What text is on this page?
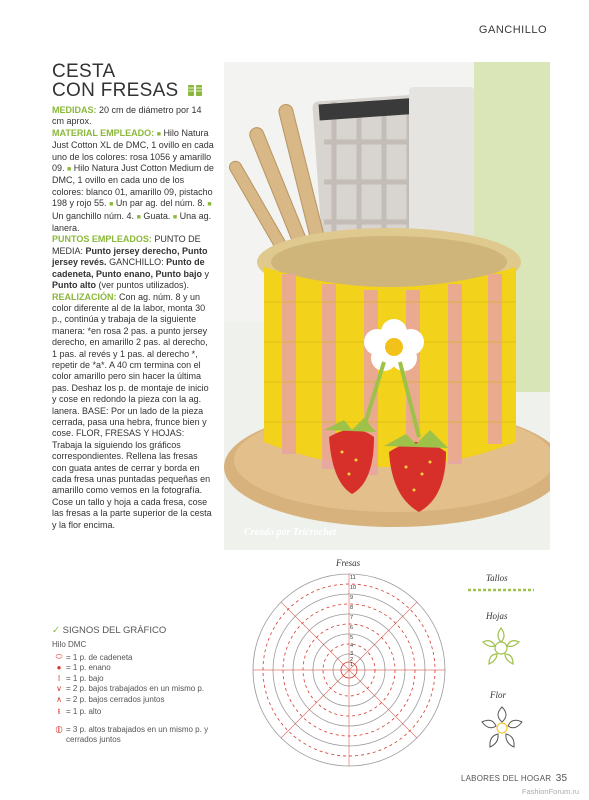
GANCHILLO
CESTA
CON FRESAS
MEDIDAS: 20 cm de diámetro por 14 cm aprox.
MATERIAL EMPLEADO: ■ Hilo Natura Just Cotton XL de DMC, 1 ovillo en cada uno de los colores: rosa 1056 y amarillo 09. ■ Hilo Natura Just Cotton Medium de DMC, 1 ovillo en cada uno de los colores: blanco 01, amarillo 09, pistacho 198 y rojo 55. ■ Un par ag. del núm. 8. ■ Un ganchillo núm. 4. ■ Guata. ■ Una ag. lanera.
PUNTOS EMPLEADOS: PUNTO DE MEDIA: Punto jersey derecho, Punto jersey revés. GANCHILLO: Punto de cadeneta, Punto enano, Punto bajo y Punto alto (ver puntos utilizados).
REALIZACIÓN: Con ag. núm. 8 y un color diferente al de la labor, monta 30 p., continúa y trabaja de la siguiente manera: *en rosa 2 pas. a punto jersey derecho, en amarillo 2 pas. al derecho, 1 pas. al revés y 1 pas. al derecho *, repetir de *a*. A 40 cm termina con el color amarillo pero sin hacer la última pas. Deshaz los p. de montaje de inicio y cose en redondo la pieza con la ag. lanera. BASE: Por un lado de la pieza cerrada, pasa una hebra, frunce bien y cose. FLOR, FRESAS Y HOJAS: Trabaja la siguiendo los gráficos correspondientes. Rellena las fresas con guata antes de cerrar y borda en cada fresa unas puntadas pequeñas en amarillo como vemos en la fotografía. Cose un tallo y hoja a cada fresa, cose las fresas a la parte superior de la cesta y la flor encima.
Creado por Tricrochet
Fresas
11
10
9
8
7
6
5
4
3
2
1
Tallos
Hojas
Flor
✓ SIGNOS DEL GRÁFICO
Hilo DMC
⬭ = 1 p. de cadeneta
● = 1 p. enano
ǀ = 1 p. bajo
∨ = 2 p. bajos trabajados en un mismo p.
∧ = 2 p. bajos cerrados juntos
ŧ = 1 p. alto
⦶ = 3 p. altos trabajados en un mismo p. y cerrados juntos
LABORES DEL HOGAR 35
FashionForum.ru
